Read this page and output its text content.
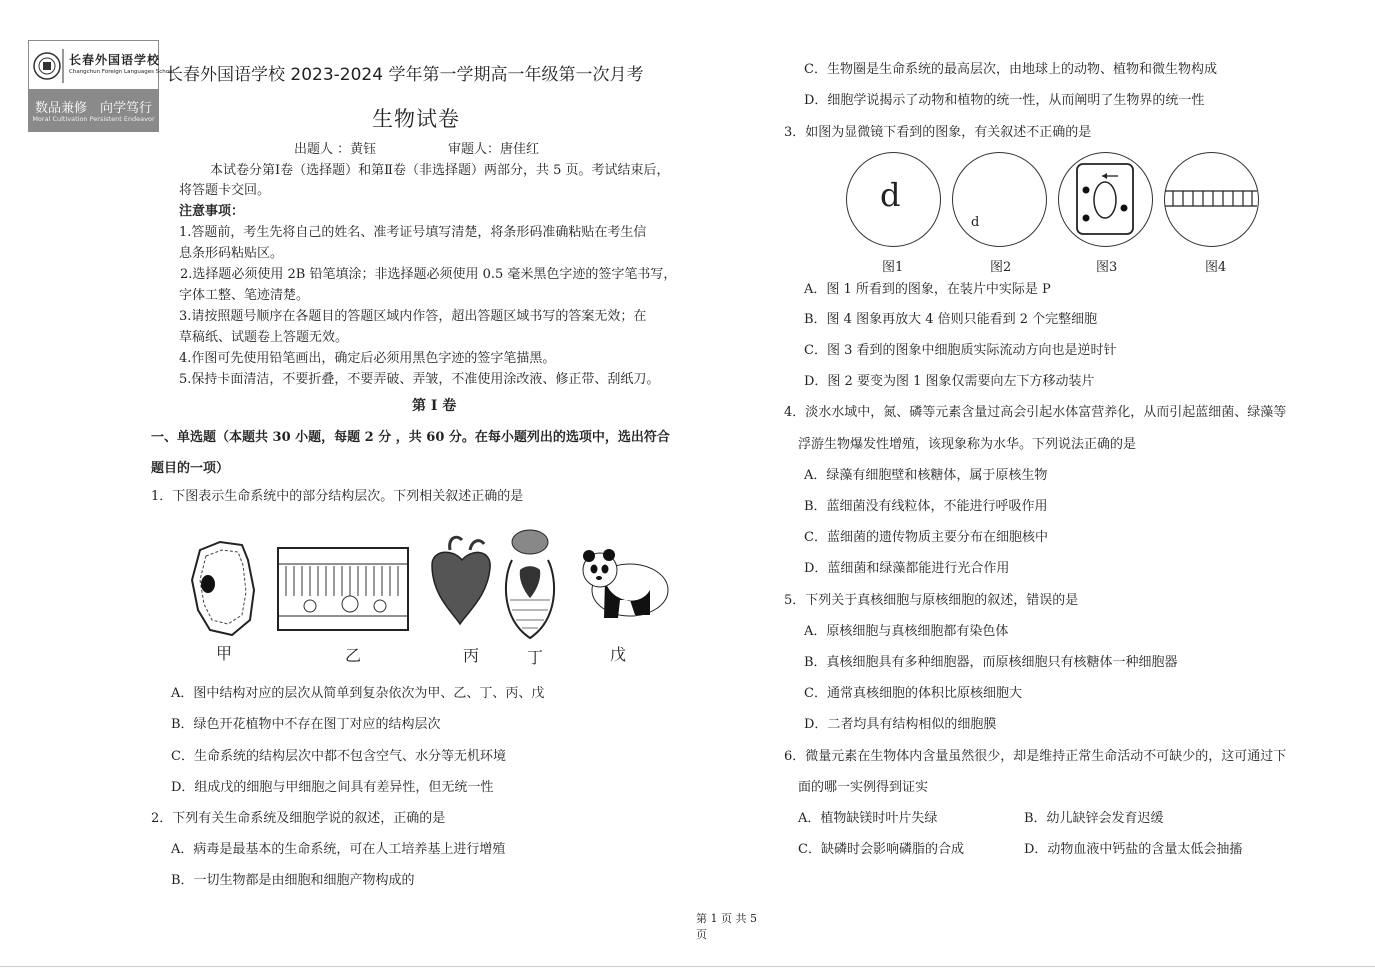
长春外国语学校
Changchun Foreign Languages School
数品兼修　向学笃行
Moral Cultivation Persistent Endeavor
长春外国语学校 2023-2024 学年第一学期高一年级第一次月考
生物试卷
出题人 ：黄钰	审题人：唐佳红
本试卷分第Ⅰ卷（选择题）和第Ⅱ卷（非选择题）两部分，共 5 页。考试结束后，
将答题卡交回。
注意事项：
1.答题前，考生先将自己的姓名、准考证号填写清楚，将条形码准确粘贴在考生信
息条形码粘贴区。
2.选择题必须使用 2B 铅笔填涂；非选择题必须使用 0.5 毫米黑色字迹的签字笔书写，
字体工整、笔迹清楚。
3.请按照题号顺序在各题目的答题区域内作答，超出答题区域书写的答案无效；在
草稿纸、试题卷上答题无效。
4.作图可先使用铅笔画出，确定后必须用黑色字迹的签字笔描黑。
5.保持卡面清洁，不要折叠，不要弄破、弄皱，不准使用涂改液、修正带、刮纸刀。
第 I 卷
一、单选题（本题共 30 小题，每题 2 分 ，共 60 分。在每小题列出的选项中，选出符合
题目的一项）
1．下图表示生命系统中的部分结构层次。下列相关叙述正确的是
甲	乙	丙	丁	戊
A．图中结构对应的层次从简单到复杂依次为甲、乙、丁、丙、戊
B．绿色开花植物中不存在图丁对应的结构层次
C．生命系统的结构层次中都不包含空气、水分等无机环境
D．组成戊的细胞与甲细胞之间具有差异性，但无统一性
2．下列有关生命系统及细胞学说的叙述，正确的是
A．病毒是最基本的生命系统，可在人工培养基上进行增殖
B．一切生物都是由细胞和细胞产物构成的
C．生物圈是生命系统的最高层次，由地球上的动物、植物和微生物构成
D．细胞学说揭示了动物和植物的统一性，从而阐明了生物界的统一性
3．如图为显微镜下看到的图象，有关叙述不正确的是
d
d
图1	图2	图3	图4
A．图 1 所看到的图象，在装片中实际是 P
B．图 4 图象再放大 4 倍则只能看到 2 个完整细胞
C．图 3 看到的图象中细胞质实际流动方向也是逆时针
D．图 2 要变为图 1 图象仅需要向左下方移动装片
4．淡水水域中，氮、磷等元素含量过高会引起水体富营养化，从而引起蓝细菌、绿藻等
浮游生物爆发性增殖，该现象称为水华。下列说法正确的是
A．绿藻有细胞壁和核糖体，属于原核生物
B．蓝细菌没有线粒体，不能进行呼吸作用
C．蓝细菌的遗传物质主要分布在细胞核中
D．蓝细菌和绿藻都能进行光合作用
5．下列关于真核细胞与原核细胞的叙述，错误的是
A．原核细胞与真核细胞都有染色体
B．真核细胞具有多种细胞器，而原核细胞只有核糖体一种细胞器
C．通常真核细胞的体积比原核细胞大
D．二者均具有结构相似的细胞膜
6．微量元素在生物体内含量虽然很少，却是维持正常生命活动不可缺少的，这可通过下
面的哪一实例得到证实
A．植物缺镁时叶片失绿	B．幼儿缺锌会发育迟缓
C．缺磷时会影响磷脂的合成	D．动物血液中钙盐的含量太低会抽搐
第 1 页 共 5
页
